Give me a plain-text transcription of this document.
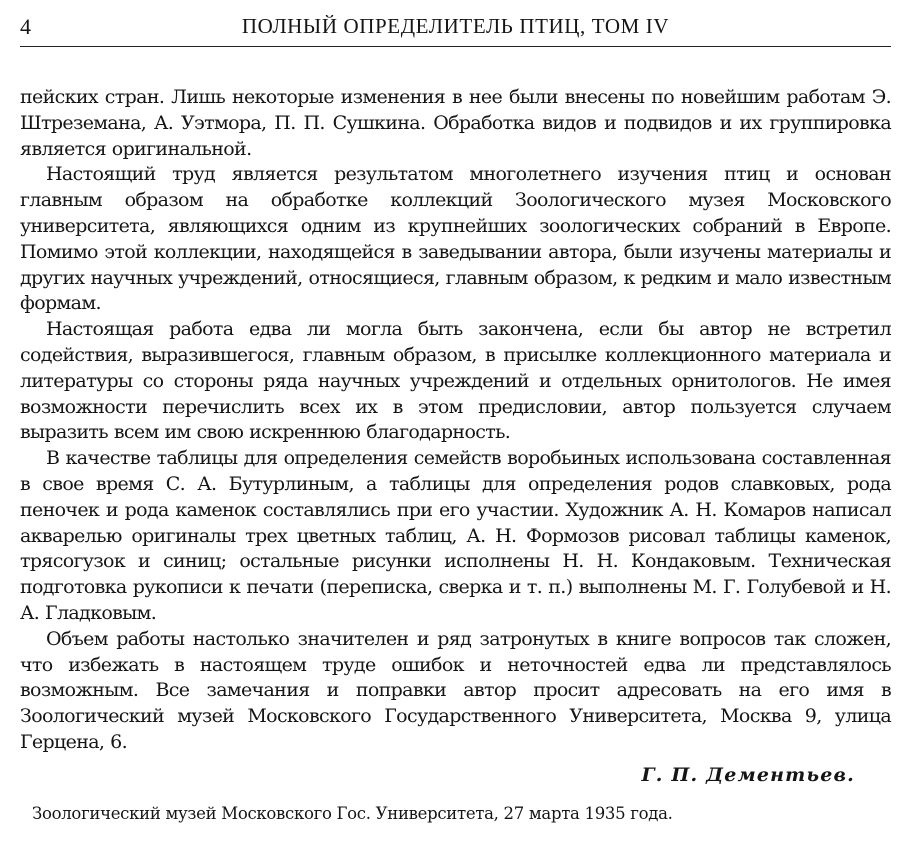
4	ПОЛНЫЙ ОПРЕДЕЛИТЕЛЬ ПТИЦ, ТОМ IV

пейских стран. Лишь некоторые изменения в нее были внесены по новейшим работам Э. Штреземана, А. Уэтмора, П. П. Сушкина. Обработка видов и подвидов и их группировка является оригинальной.

Настоящий труд является результатом многолетнего изучения птиц и основан главным образом на обработке коллекций Зоологического музея Московского университета, являющихся одним из крупнейших зоологических собраний в Европе. Помимо этой коллекции, находящейся в заведывании автора, были изучены материалы и других научных учреждений, относящиеся, главным образом, к редким и мало известным формам.

Настоящая работа едва ли могла быть закончена, если бы автор не встретил содействия, выразившегося, главным образом, в присылке коллекционного материала и литературы со стороны ряда научных учреждений и отдельных орнитологов. Не имея возможности перечислить всех их в этом предисловии, автор пользуется случаем выразить всем им свою искреннюю благодарность.

В качестве таблицы для определения семейств воробьиных использована составленная в свое время С. А. Бутурлиным, а таблицы для определения родов славковых, рода пеночек и рода каменок составлялись при его участии. Художник А. Н. Комаров написал акварелью оригиналы трех цветных таблиц, А. Н. Формозов рисовал таблицы каменок, трясогузок и синиц; остальные рисунки исполнены Н. Н. Кондаковым. Техническая подготовка рукописи к печати (переписка, сверка и т. п.) выполнены М. Г. Голубевой и Н. А. Гладковым.

Объем работы настолько значителен и ряд затронутых в книге вопросов так сложен, что избежать в настоящем труде ошибок и неточностей едва ли представлялось возможным. Все замечания и поправки автор просит адресовать на его имя в Зоологический музей Московского Государственного Университета, Москва 9, улица Герцена, 6.

Г. П. Дементьев.
Зоологический музей Московского Гос. Университета, 27 марта 1935 года.
